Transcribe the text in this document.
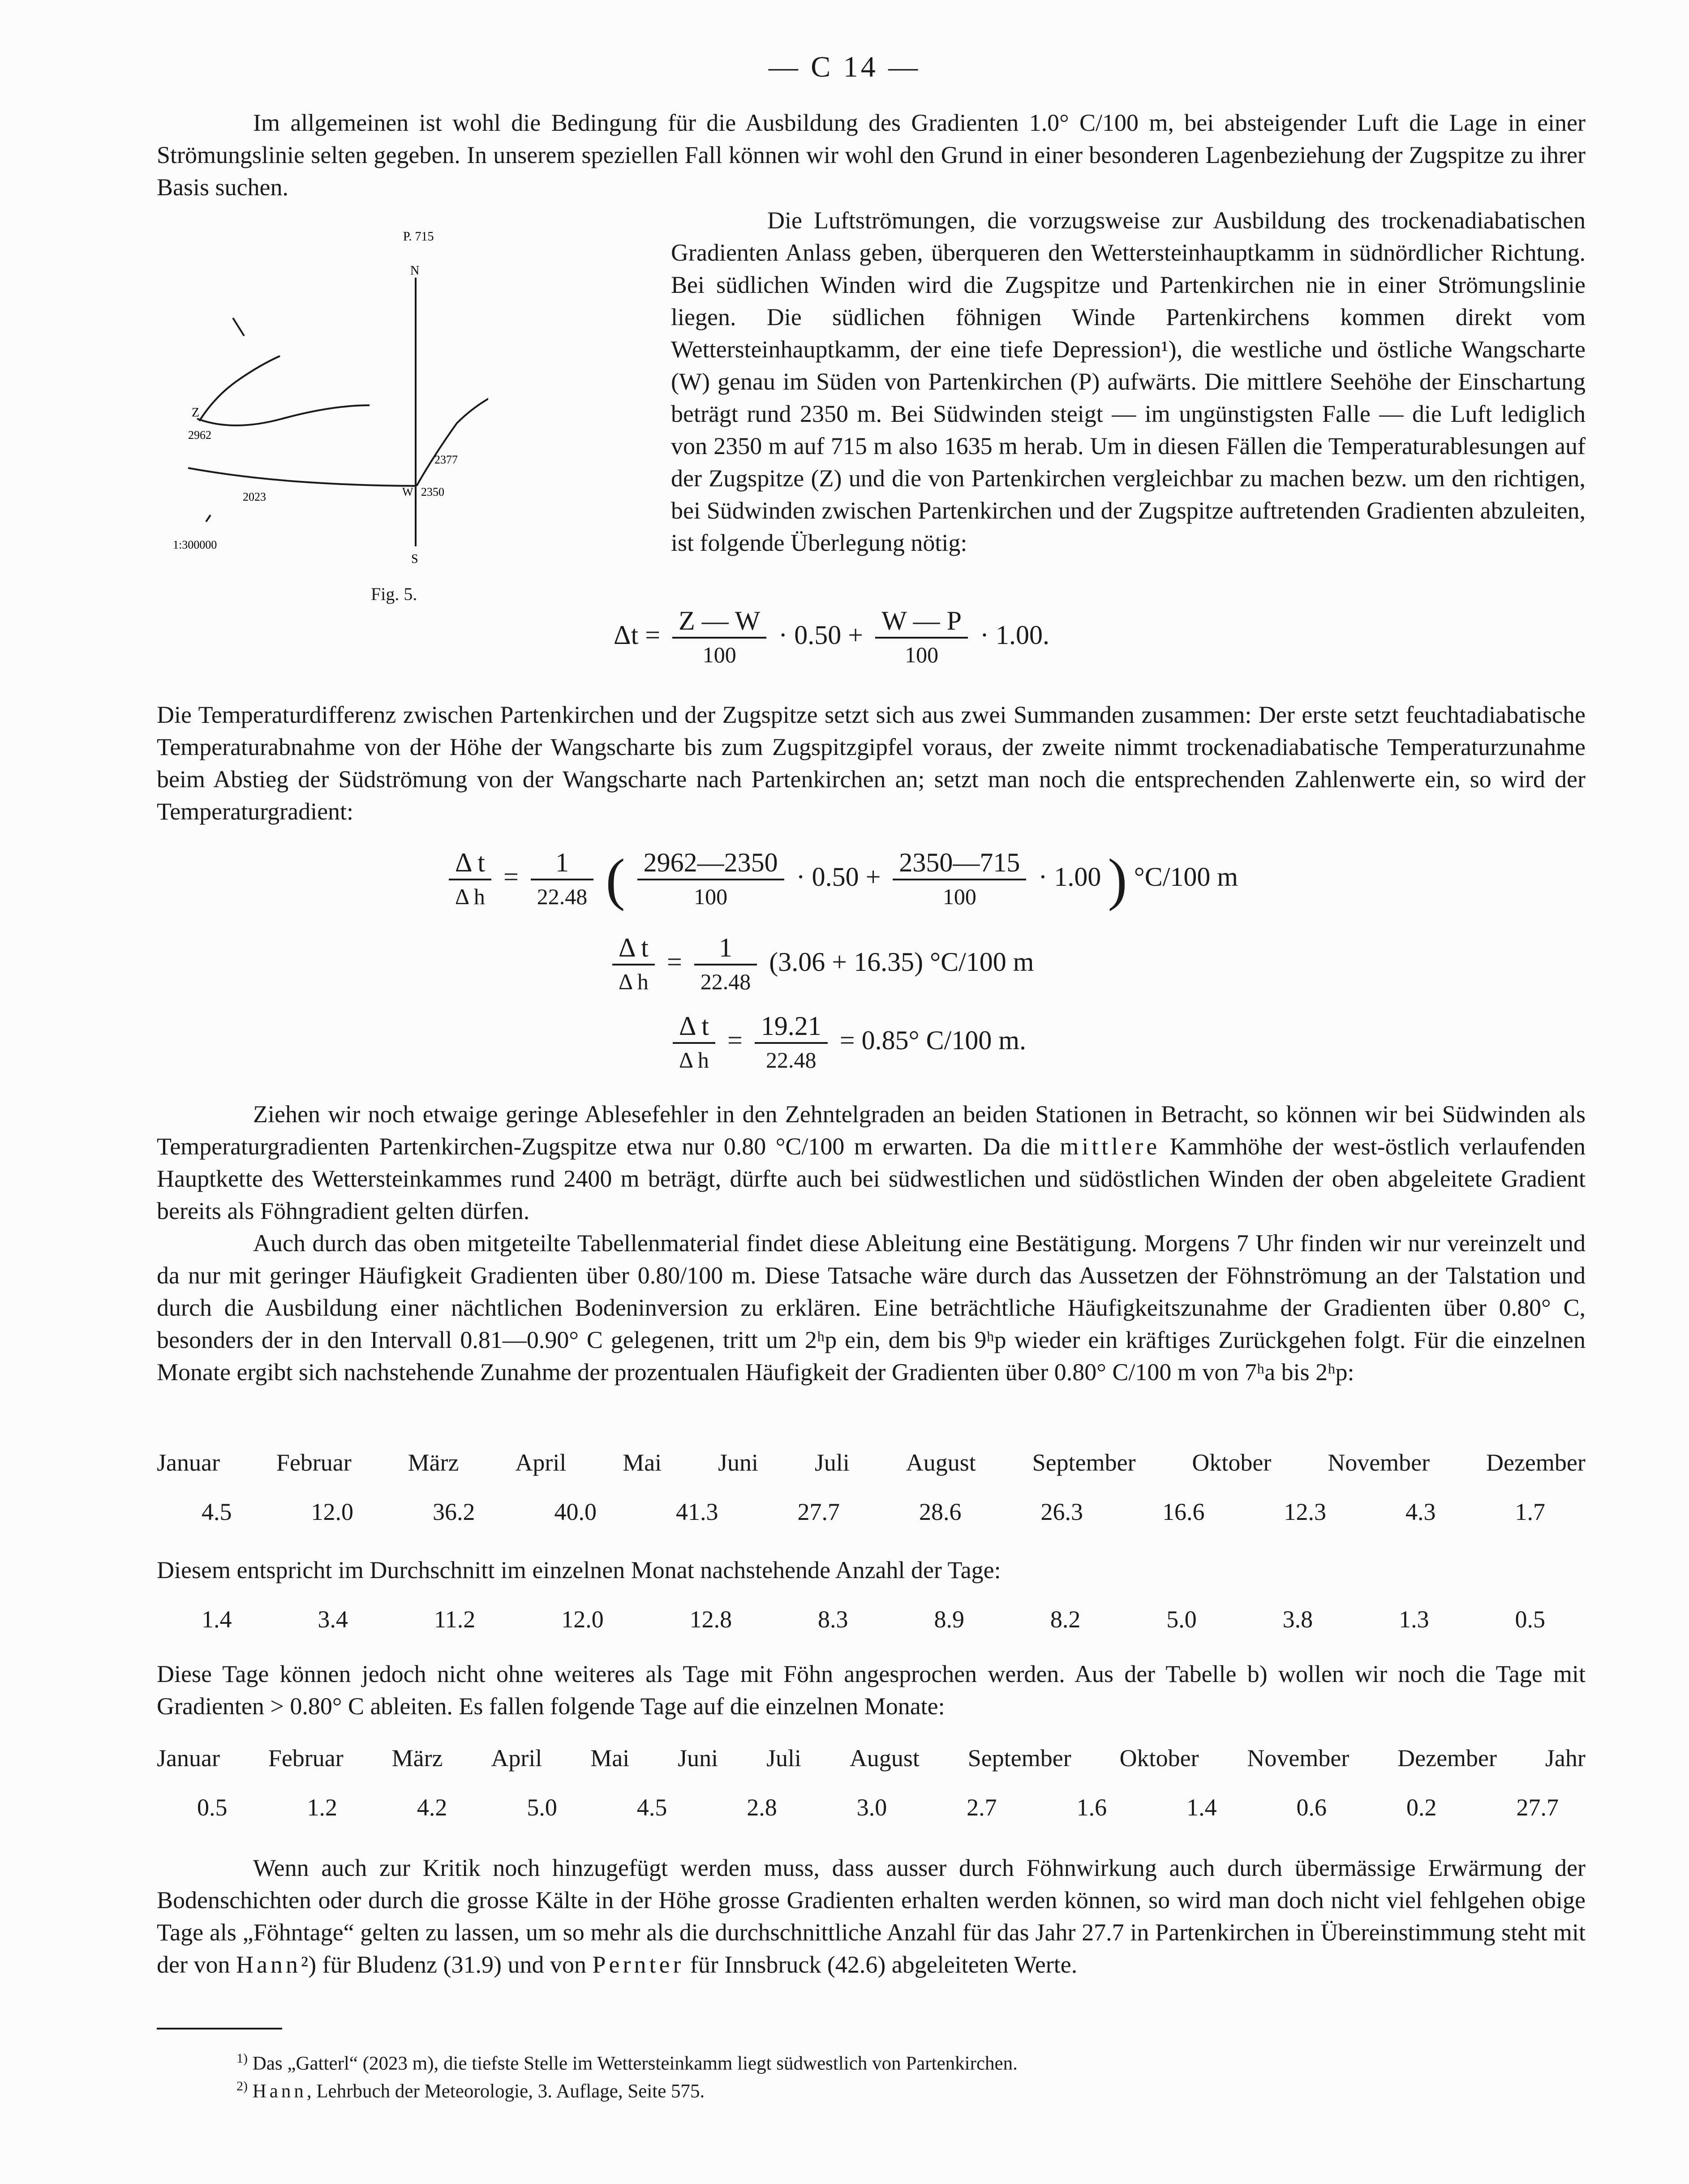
— C 14 —

Im allgemeinen ist wohl die Bedingung für die Ausbildung des Gradienten 1.0° C/100 m, bei absteigender Luft die Lage in einer Strömungslinie selten gegeben. In unserem speziellen Fall können wir wohl den Grund in einer besonderen Lagenbeziehung der Zugspitze zu ihrer Basis suchen.

P. 715
N
S
Z
2962
2377
2023	W 2350
1:300000
Fig. 5.

Die Luftströmungen, die vorzugsweise zur Ausbildung des trockenadiabatischen Gradienten Anlass geben, überqueren den Wettersteinhauptkamm in südnördlicher Richtung. Bei südlichen Winden wird die Zugspitze und Partenkirchen nie in einer Strömungslinie liegen. Die südlichen föhnigen Winde Partenkirchens kommen direkt vom Wettersteinhauptkamm, der eine tiefe Depression¹), die westliche und östliche Wangscharte (W) genau im Süden von Partenkirchen (P) aufwärts. Die mittlere Seehöhe der Einschartung beträgt rund 2350 m. Bei Südwinden steigt — im ungünstigsten Falle — die Luft lediglich von 2350 m auf 715 m also 1635 m herab. Um in diesen Fällen die Temperaturablesungen auf der Zugspitze (Z) und die von Partenkirchen vergleichbar zu machen bezw. um den richtigen, bei Südwinden zwischen Partenkirchen und der Zugspitze auftretenden Gradienten abzuleiten, ist folgende Überlegung nötig:

$\Delta t = \frac{Z — W}{100} \cdot 0.50 + \frac{W — P}{100} \cdot 1.00$.

Die Temperaturdifferenz zwischen Partenkirchen und der Zugspitze setzt sich aus zwei Summanden zusammen: Der erste setzt feuchtadiabatische Temperaturabnahme von der Höhe der Wangscharte bis zum Zugspitzgipfel voraus, der zweite nimmt trockenadiabatische Temperaturzunahme beim Abstieg der Südströmung von der Wangscharte nach Partenkirchen an; setzt man noch die entsprechenden Zahlenwerte ein, so wird der Temperaturgradient:

$\frac{\text{Δ t}}{\text{Δ h}} = \frac{1}{22.48}$ ( $\frac{2962—2350}{100} \cdot 0.50 + \frac{2350—715}{100} \cdot 1.00$ ) °C/100 m
$\frac{\text{Δ t}}{\text{Δ h}} = \frac{1}{22.48} (3.06 + 16.35)$ °C/100 m
$\frac{\text{Δ t}}{\text{Δ h}} = \frac{19.21}{22.48} = 0.85^\circ$ C/100 m.

Ziehen wir noch etwaige geringe Ablesefehler in den Zehntelgraden an beiden Stationen in Betracht, so können wir bei Südwinden als Temperaturgradienten Partenkirchen-Zugspitze etwa nur 0.80 °C/100 m erwarten. Da die mittlere Kammhöhe der west-östlich verlaufenden Hauptkette des Wettersteinkammes rund 2400 m beträgt, dürfte auch bei südwestlichen und südöstlichen Winden der oben abgeleitete Gradient bereits als Föhngradient gelten dürfen.

Auch durch das oben mitgeteilte Tabellenmaterial findet diese Ableitung eine Bestätigung. Morgens 7 Uhr finden wir nur vereinzelt und da nur mit geringer Häufigkeit Gradienten über 0.80/100 m. Diese Tatsache wäre durch das Aussetzen der Föhnströmung an der Talstation und durch die Ausbildung einer nächtlichen Bodeninversion zu erklären. Eine beträchtliche Häufigkeitszunahme der Gradienten über 0.80° C, besonders der in den Intervall 0.81—0.90° C gelegenen, tritt um 2ʰp ein, dem bis 9ʰp wieder ein kräftiges Zurückgehen folgt. Für die einzelnen Monate ergibt sich nachstehende Zunahme der prozentualen Häufigkeit der Gradienten über 0.80° C/100 m von 7ʰa bis 2ʰp:

Januar Februar März April Mai Juni Juli August September Oktober November Dezember
4.5	12.0	36.2	40.0	41.3	27.7	28.6	26.3	16.6	12.3	4.3	1.7

Diesem entspricht im Durchschnitt im einzelnen Monat nachstehende Anzahl der Tage:

1.4	3.4	11.2	12.0	12.8	8.3	8.9	8.2	5.0	3.8	1.3	0.5

Diese Tage können jedoch nicht ohne weiteres als Tage mit Föhn angesprochen werden. Aus der Tabelle b) wollen wir noch die Tage mit Gradienten > 0.80° C ableiten. Es fallen folgende Tage auf die einzelnen Monate:

Januar Februar März April Mai Juni Juli August September Oktober November Dezember Jahr
0.5	1.2	4.2	5.0	4.5	2.8	3.0	2.7	1.6	1.4	0.6	0.2	27.7

Wenn auch zur Kritik noch hinzugefügt werden muss, dass ausser durch Föhnwirkung auch durch übermässige Erwärmung der Bodenschichten oder durch die grosse Kälte in der Höhe grosse Gradienten erhalten werden können, so wird man doch nicht viel fehlgehen obige Tage als „Föhntage“ gelten zu lassen, um so mehr als die durchschnittliche Anzahl für das Jahr 27.7 in Partenkirchen in Übereinstimmung steht mit der von Hann²) für Bludenz (31.9) und von Pernter für Innsbruck (42.6) abgeleiteten Werte.

$^{1)}$ Das „Gatterl“ (2023 m), die tiefste Stelle im Wettersteinkamm liegt südwestlich von Partenkirchen.
$^{2)}$ Hann, Lehrbuch der Meteorologie, 3. Auflage, Seite 575.
